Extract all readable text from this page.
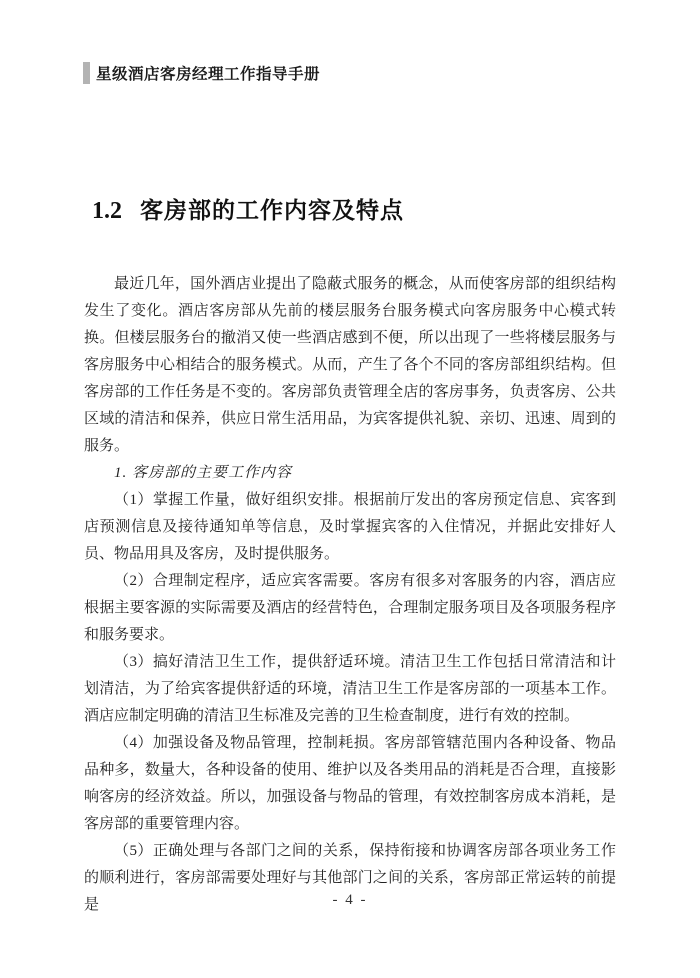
星级酒店客房经理工作指导手册
1.2 客房部的工作内容及特点

最近几年，国外酒店业提出了隐蔽式服务的概念，从而使客房部的组织结构发生了变化。酒店客房部从先前的楼层服务台服务模式向客房服务中心模式转换。但楼层服务台的撤消又使一些酒店感到不便，所以出现了一些将楼层服务与客房服务中心相结合的服务模式。从而，产生了各个不同的客房部组织结构。但客房部的工作任务是不变的。客房部负责管理全店的客房事务，负责客房、公共区域的清洁和保养，供应日常生活用品，为宾客提供礼貌、亲切、迅速、周到的服务。

1. 客房部的主要工作内容

（1）掌握工作量，做好组织安排。根据前厅发出的客房预定信息、宾客到店预测信息及接待通知单等信息，及时掌握宾客的入住情况，并据此安排好人员、物品用具及客房，及时提供服务。

（2）合理制定程序，适应宾客需要。客房有很多对客服务的内容，酒店应根据主要客源的实际需要及酒店的经营特色，合理制定服务项目及各项服务程序和服务要求。

（3）搞好清洁卫生工作，提供舒适环境。清洁卫生工作包括日常清洁和计划清洁，为了给宾客提供舒适的环境，清洁卫生工作是客房部的一项基本工作。酒店应制定明确的清洁卫生标准及完善的卫生检查制度，进行有效的控制。

（4）加强设备及物品管理，控制耗损。客房部管辖范围内各种设备、物品品种多，数量大，各种设备的使用、维护以及各类用品的消耗是否合理，直接影响客房的经济效益。所以，加强设备与物品的管理，有效控制客房成本消耗，是客房部的重要管理内容。

（5）正确处理与各部门之间的关系，保持衔接和协调客房部各项业务工作的顺利进行，客房部需要处理好与其他部门之间的关系，客房部正常运转的前提是	- 4 -
